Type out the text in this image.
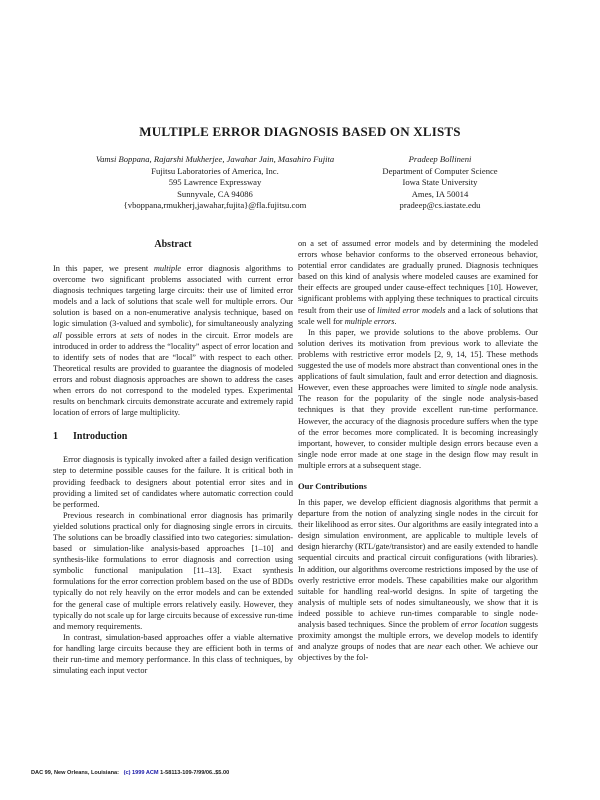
MULTIPLE ERROR DIAGNOSIS BASED ON XLISTS
Vamsi Boppana, Rajarshi Mukherjee, Jawahar Jain, Masahiro Fujita
Fujitsu Laboratories of America, Inc.
595 Lawrence Expressway
Sunnyvale, CA 94086
{vboppana,rmukherj,jawahar,fujita}@fla.fujitsu.com
Pradeep Bollineni
Department of Computer Science
Iowa State University
Ames, IA 50014
pradeep@cs.iastate.edu
Abstract

In this paper, we present multiple error diagnosis algorithms to overcome two significant problems associated with current error diagnosis techniques targeting large circuits: their use of limited error models and a lack of solutions that scale well for multiple errors. Our solution is based on a non-enumerative analysis technique, based on logic simulation (3-valued and symbolic), for simultaneously analyzing all possible errors at sets of nodes in the circuit. Error models are introduced in order to address the “locality” aspect of error location and to identify sets of nodes that are “local” with respect to each other. Theoretical results are provided to guarantee the diagnosis of modeled errors and robust diagnosis approaches are shown to address the cases when errors do not correspond to the modeled types. Experimental results on benchmark circuits demonstrate accurate and extremely rapid location of errors of large multiplicity.

1 Introduction

Error diagnosis is typically invoked after a failed design verification step to determine possible causes for the failure. It is critical both in providing feedback to designers about potential error sites and in providing a limited set of candidates where automatic correction could be performed.

Previous research in combinational error diagnosis has primarily yielded solutions practical only for diagnosing single errors in circuits. The solutions can be broadly classified into two categories: simulation-based or simulation-like analysis-based approaches [1–10] and synthesis-like formulations to error diagnosis and correction using symbolic functional manipulation [11–13]. Exact synthesis formulations for the error correction problem based on the use of BDDs typically do not rely heavily on the error models and can be extended for the general case of multiple errors relatively easily. However, they typically do not scale up for large circuits because of excessive run-time and memory requirements.

In contrast, simulation-based approaches offer a viable alternative for handling large circuits because they are efficient both in terms of their run-time and memory performance. In this class of techniques, by simulating each input vector

on a set of assumed error models and by determining the modeled errors whose behavior conforms to the observed erroneous behavior, potential error candidates are gradually pruned. Diagnosis techniques based on this kind of analysis where modeled causes are examined for their effects are grouped under cause-effect techniques [10]. However, significant problems with applying these techniques to practical circuits result from their use of limited error models and a lack of solutions that scale well for multiple errors.

In this paper, we provide solutions to the above problems. Our solution derives its motivation from previous work to alleviate the problems with restrictive error models [2, 9, 14, 15]. These methods suggested the use of models more abstract than conventional ones in the applications of fault simulation, fault and error detection and diagnosis. However, even these approaches were limited to single node analysis. The reason for the popularity of the single node analysis-based techniques is that they provide excellent run-time performance. However, the accuracy of the diagnosis procedure suffers when the type of the error becomes more complicated. It is becoming increasingly important, however, to consider multiple design errors because even a single node error made at one stage in the design flow may result in multiple errors at a subsequent stage.

Our Contributions

In this paper, we develop efficient diagnosis algorithms that permit a departure from the notion of analyzing single nodes in the circuit for their likelihood as error sites. Our algorithms are easily integrated into a design simulation environment, are applicable to multiple levels of design hierarchy (RTL/gate/transistor) and are easily extended to handle sequential circuits and practical circuit configurations (with libraries). In addition, our algorithms overcome restrictions imposed by the use of overly restrictive error models. These capabilities make our algorithm suitable for handling real-world designs. In spite of targeting the analysis of multiple sets of nodes simultaneously, we show that it is indeed possible to achieve run-times comparable to single node-analysis based techniques. Since the problem of error location suggests proximity amongst the multiple errors, we develop models to identify and analyze groups of nodes that are near each other. We achieve our objectives by the fol-

DAC 99, New Orleans, Louisiana: (c) 1999 ACM 1-58113-109-7/99/06..$5.00
